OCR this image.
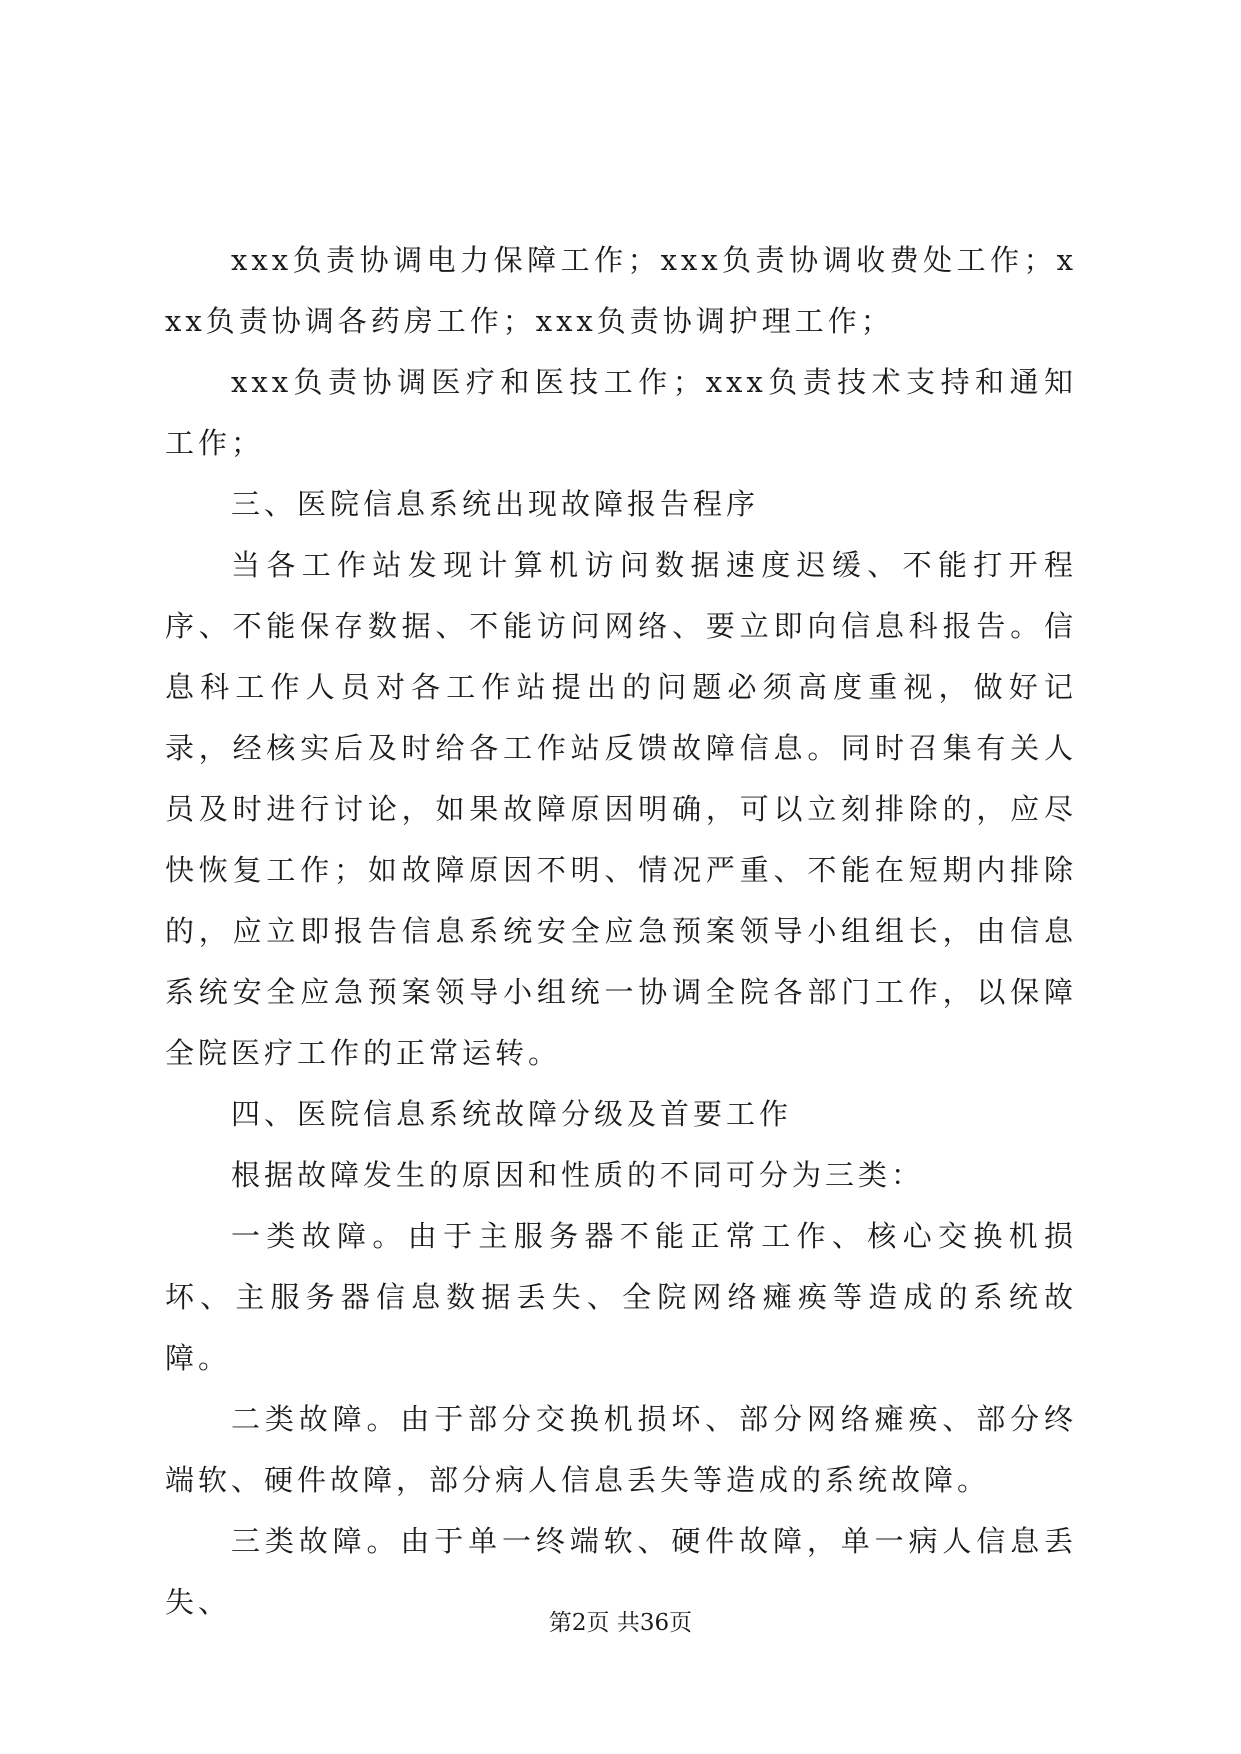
xxx负责协调电力保障工作；xxx负责协调收费处工作；xxx负责协调各药房工作；xxx负责协调护理工作；

xxx负责协调医疗和医技工作；xxx负责技术支持和通知工作；

三、医院信息系统出现故障报告程序

当各工作站发现计算机访问数据速度迟缓、不能打开程序、不能保存数据、不能访问网络、要立即向信息科报告。信息科工作人员对各工作站提出的问题必须高度重视，做好记录，经核实后及时给各工作站反馈故障信息。同时召集有关人员及时进行讨论，如果故障原因明确，可以立刻排除的，应尽快恢复工作；如故障原因不明、情况严重、不能在短期内排除的，应立即报告信息系统安全应急预案领导小组组长，由信息系统安全应急预案领导小组统一协调全院各部门工作，以保障全院医疗工作的正常运转。

四、医院信息系统故障分级及首要工作

根据故障发生的原因和性质的不同可分为三类：

一类故障。由于主服务器不能正常工作、核心交换机损坏、主服务器信息数据丢失、全院网络瘫痪等造成的系统故障。

二类故障。由于部分交换机损坏、部分网络瘫痪、部分终端软、硬件故障，部分病人信息丢失等造成的系统故障。

三类故障。由于单一终端软、硬件故障，单一病人信息丢失、

第2页 共36页
